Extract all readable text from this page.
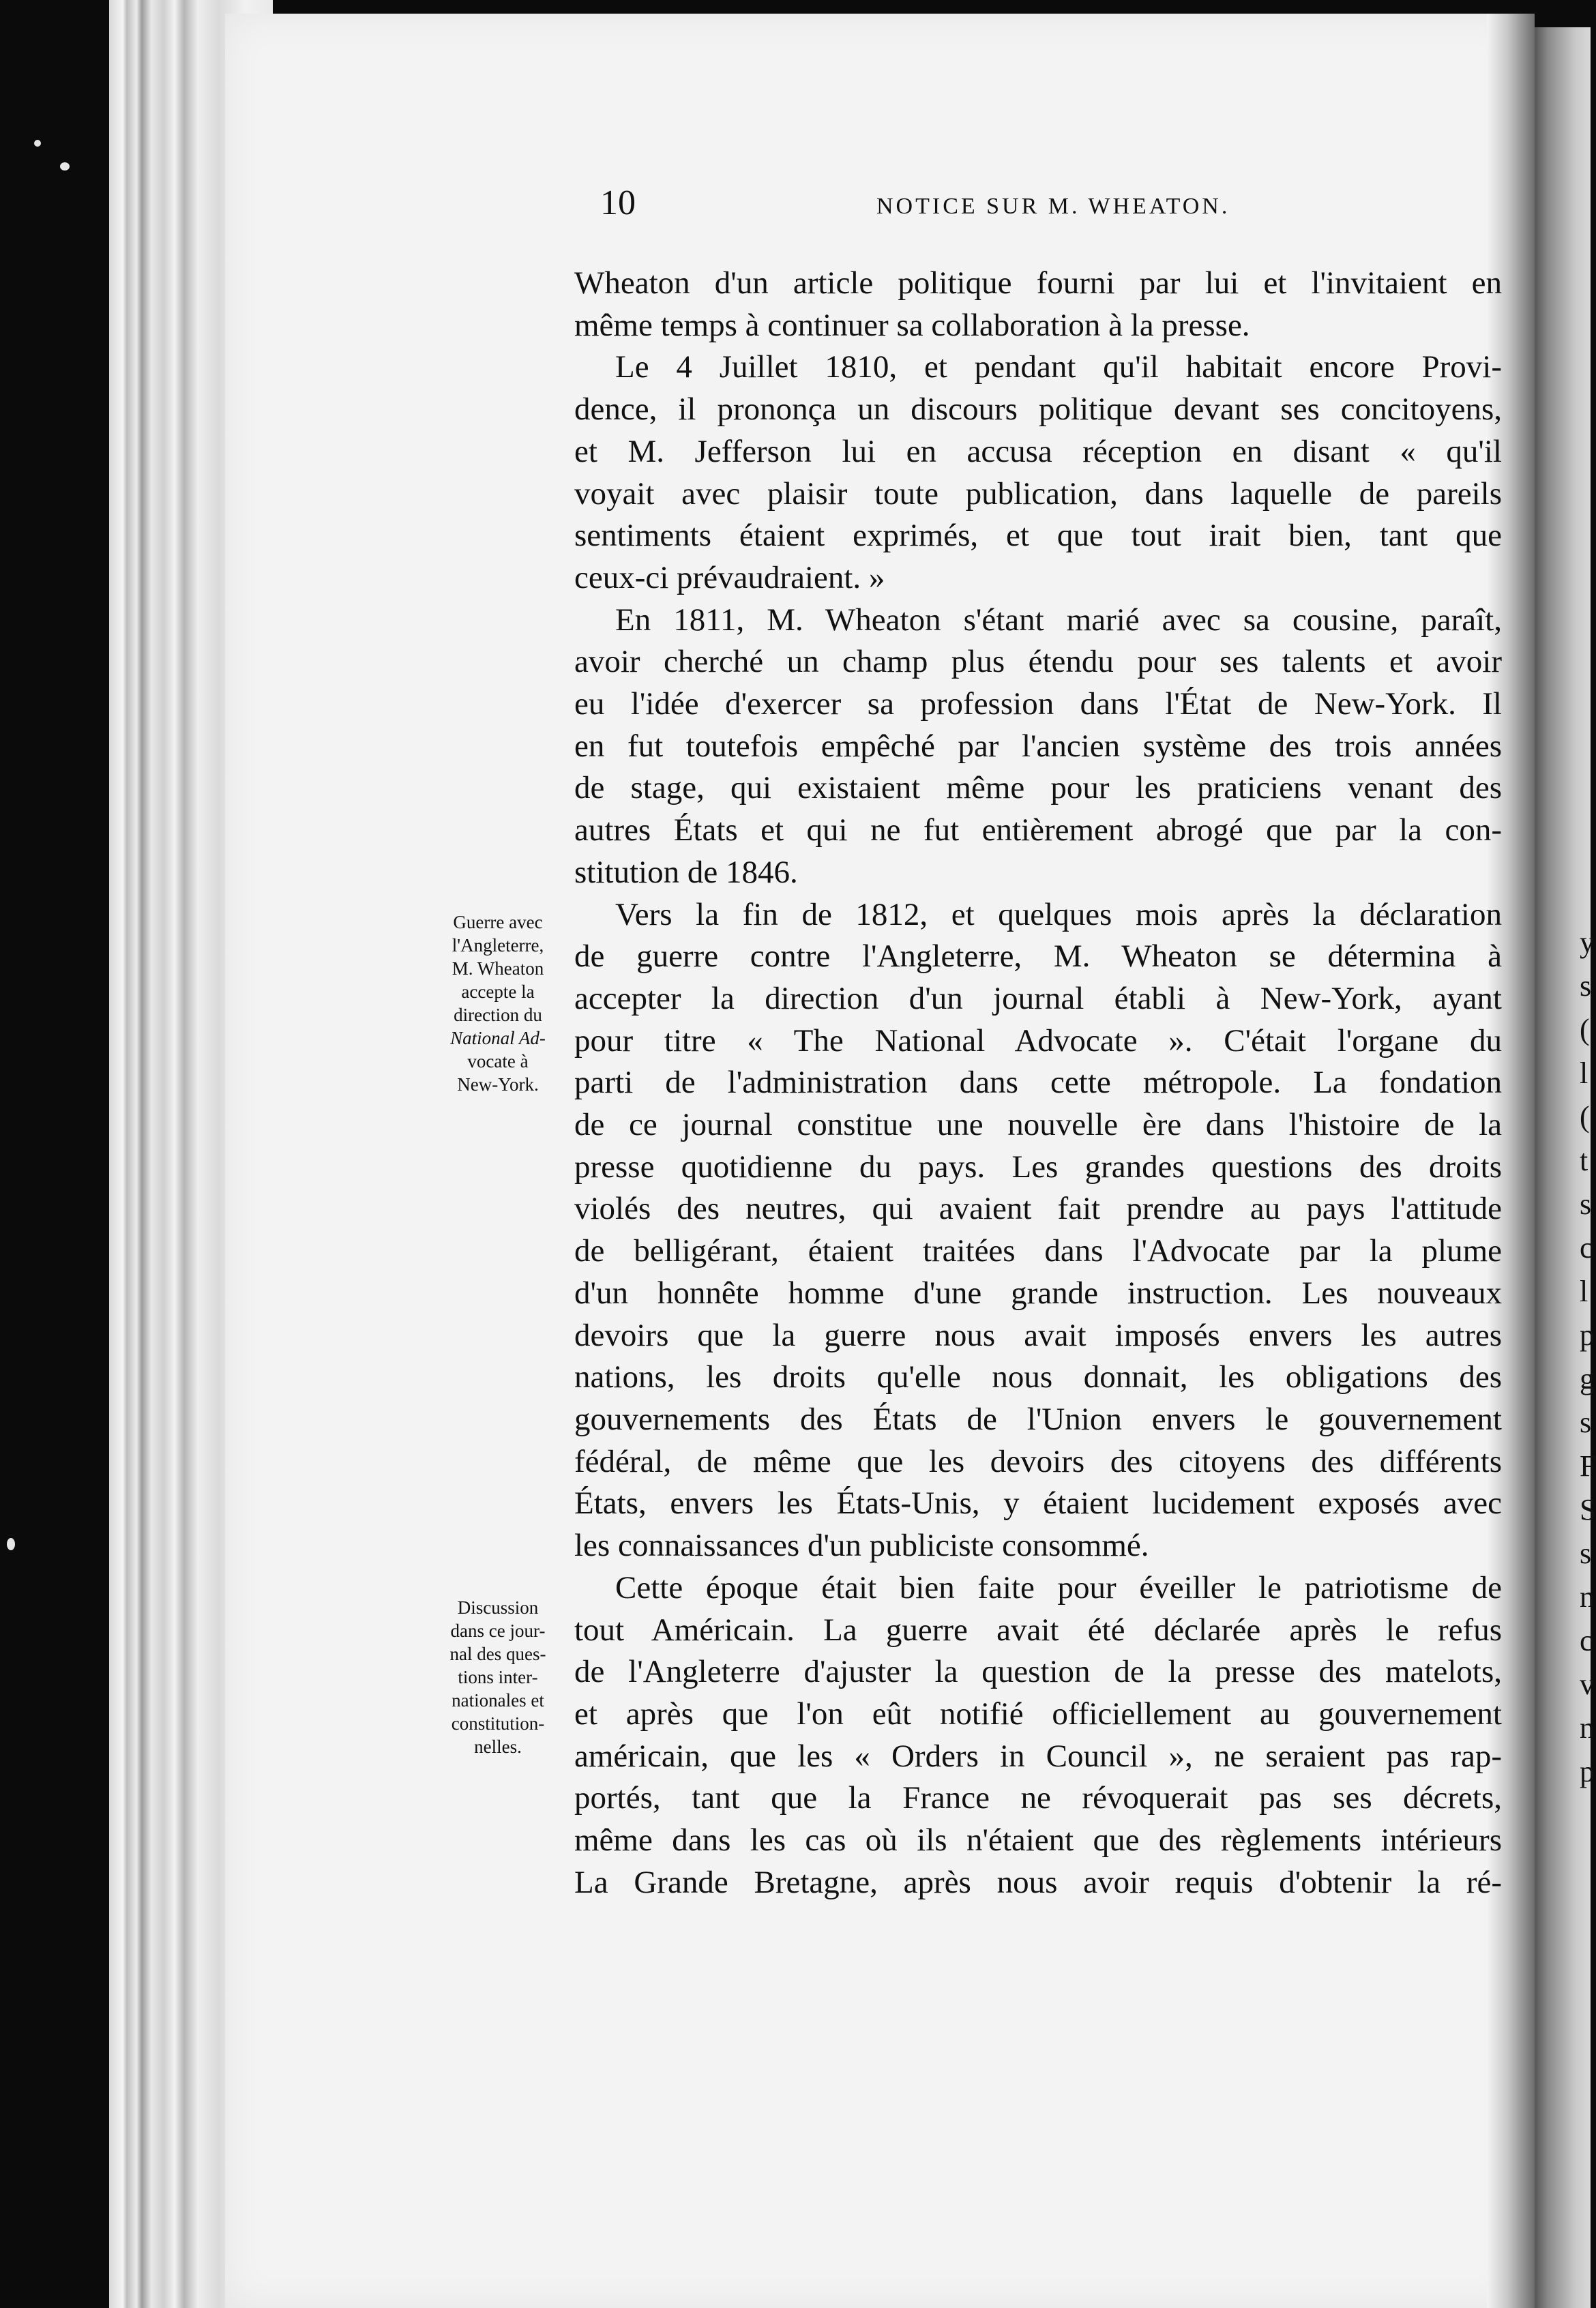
y
s
(
l
(
t
s
c
l
p
g
s
F
S
s
n
c
v
n
p
10	NOTICE SUR M. WHEATON.
Guerre avec
l'Angleterre,
M. Wheaton
accepte la
direction du
National Ad-
vocate à
New-York.
Discussion
dans ce jour-
nal des ques-
tions inter-
nationales et
constitution-
nelles.
Wheaton d'un article politique fourni par lui et l'invitaient en
même temps à continuer sa collaboration à la presse.
Le 4 Juillet 1810, et pendant qu'il habitait encore Provi-
dence, il prononça un discours politique devant ses concitoyens,
et M. Jefferson lui en accusa réception en disant « qu'il
voyait avec plaisir toute publication, dans laquelle de pareils
sentiments étaient exprimés, et que tout irait bien, tant que
ceux-ci prévaudraient. »
En 1811, M. Wheaton s'étant marié avec sa cousine, paraît,
avoir cherché un champ plus étendu pour ses talents et avoir
eu l'idée d'exercer sa profession dans l'État de New-York. Il
en fut toutefois empêché par l'ancien système des trois années
de stage, qui existaient même pour les praticiens venant des
autres États et qui ne fut entièrement abrogé que par la con-
stitution de 1846.
Vers la fin de 1812, et quelques mois après la déclaration
de guerre contre l'Angleterre, M. Wheaton se détermina à
accepter la direction d'un journal établi à New-York, ayant
pour titre « The National Advocate ». C'était l'organe du
parti de l'administration dans cette métropole. La fondation
de ce journal constitue une nouvelle ère dans l'histoire de la
presse quotidienne du pays. Les grandes questions des droits
violés des neutres, qui avaient fait prendre au pays l'attitude
de belligérant, étaient traitées dans l'Advocate par la plume
d'un honnête homme d'une grande instruction. Les nouveaux
devoirs que la guerre nous avait imposés envers les autres
nations, les droits qu'elle nous donnait, les obligations des
gouvernements des États de l'Union envers le gouvernement
fédéral, de même que les devoirs des citoyens des différents
États, envers les États-Unis, y étaient lucidement exposés avec
les connaissances d'un publiciste consommé.
Cette époque était bien faite pour éveiller le patriotisme de
tout Américain. La guerre avait été déclarée après le refus
de l'Angleterre d'ajuster la question de la presse des matelots,
et après que l'on eût notifié officiellement au gouvernement
américain, que les « Orders in Council », ne seraient pas rap-
portés, tant que la France ne révoquerait pas ses décrets,
même dans les cas où ils n'étaient que des règlements intérieurs
La Grande Bretagne, après nous avoir requis d'obtenir la ré-
